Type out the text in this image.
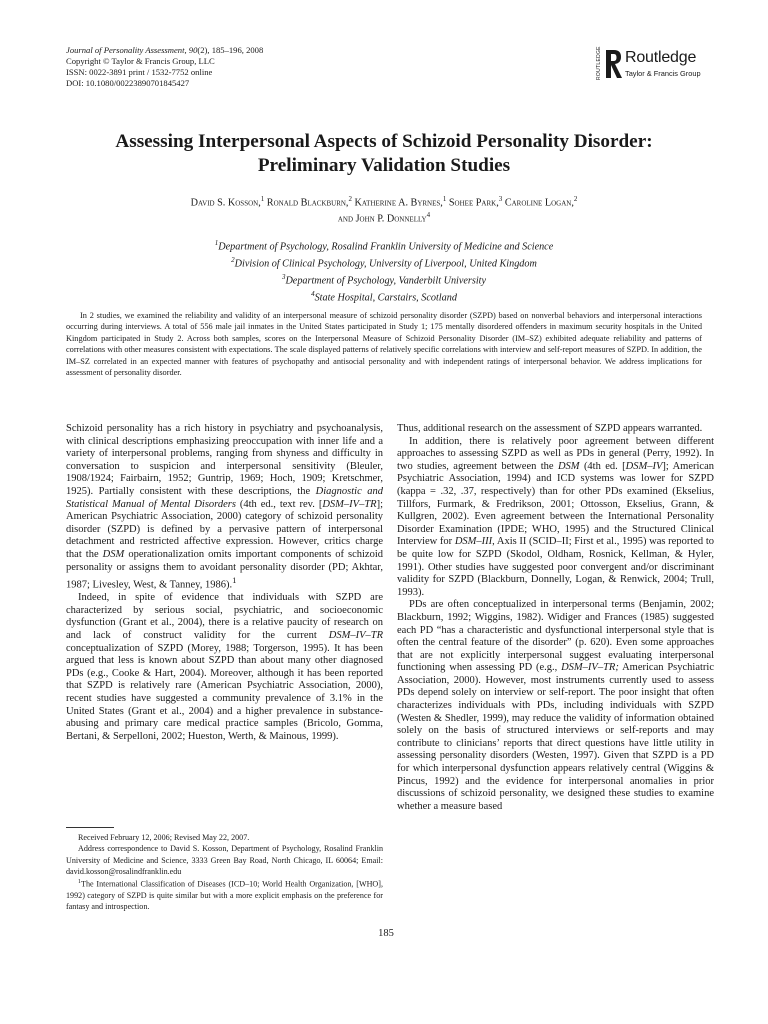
Journal of Personality Assessment, 90(2), 185–196, 2008
Copyright © Taylor & Francis Group, LLC
ISSN: 0022-3891 print / 1532-7752 online
DOI: 10.1080/00223890701845427
ROUTLEDGE Routledge
Taylor & Francis Group
Assessing Interpersonal Aspects of Schizoid Personality Disorder:
Preliminary Validation Studies
David S. Kosson,$^1$ Ronald Blackburn,$^2$ Katherine A. Byrnes,$^1$ Sohee Park,$^3$ Caroline Logan,$^2$
and John P. Donnelly$^4$
$^1$Department of Psychology, Rosalind Franklin University of Medicine and Science
$^2$Division of Clinical Psychology, University of Liverpool, United Kingdom
$^3$Department of Psychology, Vanderbilt University
$^4$State Hospital, Carstairs, Scotland
In 2 studies, we examined the reliability and validity of an interpersonal measure of schizoid personality disorder (SZPD) based on nonverbal behaviors and interpersonal interactions occurring during interviews. A total of 556 male jail inmates in the United States participated in Study 1; 175 mentally disordered offenders in maximum security hospitals in the United Kingdom participated in Study 2. Across both samples, scores on the Interpersonal Measure of Schizoid Personality Disorder (IM–SZ) exhibited adequate reliability and patterns of correlations with other measures consistent with expectations. The scale displayed patterns of relatively specific correlations with interview and self-report measures of SZPD. In addition, the IM–SZ correlated in an expected manner with features of psychopathy and antisocial personality and with independent ratings of interpersonal behavior. We address implications for assessment of personality disorder.

Schizoid personality has a rich history in psychiatry and psychoanalysis, with clinical descriptions emphasizing preoccupation with inner life and a variety of interpersonal problems, ranging from shyness and difficulty in conversation to suspicion and interpersonal sensitivity (Bleuler, 1908/1924; Fairbairn, 1952; Guntrip, 1969; Hoch, 1909; Kretschmer, 1925). Partially consistent with these descriptions, the Diagnostic and Statistical Manual of Mental Disorders (4th ed., text rev. [DSM–IV–TR]; American Psychiatric Association, 2000) category of schizoid personality disorder (SZPD) is defined by a pervasive pattern of interpersonal detachment and restricted affective expression. However, critics charge that the DSM operationalization omits important components of schizoid personality or assigns them to avoidant personality disorder (PD; Akhtar, 1987; Livesley, West, & Tanney, 1986).$^1$

Indeed, in spite of evidence that individuals with SZPD are characterized by serious social, psychiatric, and socioeconomic dysfunction (Grant et al., 2004), there is a relative paucity of research on and lack of construct validity for the current DSM–IV–TR conceptualization of SZPD (Morey, 1988; Torgerson, 1995). It has been argued that less is known about SZPD than about many other diagnosed PDs (e.g., Cooke & Hart, 2004). Moreover, although it has been reported that SZPD is relatively rare (American Psychiatric Association, 2000), recent studies have suggested a community prevalence of 3.1% in the United States (Grant et al., 2004) and a higher prevalence in substance-abusing and primary care medical practice samples (Bricolo, Gomma, Bertani, & Serpelloni, 2002; Hueston, Werth, & Mainous, 1999).

Received February 12, 2006; Revised May 22, 2007.

Address correspondence to David S. Kosson, Department of Psychology, Rosalind Franklin University of Medicine and Science, 3333 Green Bay Road, North Chicago, IL 60064; Email: david.kosson@rosalindfranklin.edu

$^1$The International Classification of Diseases (ICD–10; World Health Organization, [WHO], 1992) category of SZPD is quite similar but with a more explicit emphasis on the preference for fantasy and introspection.

Thus, additional research on the assessment of SZPD appears warranted.

In addition, there is relatively poor agreement between different approaches to assessing SZPD as well as PDs in general (Perry, 1992). In two studies, agreement between the DSM (4th ed. [DSM–IV]; American Psychiatric Association, 1994) and ICD systems was lower for SZPD (kappa = .32, .37, respectively) than for other PDs examined (Ekselius, Tillfors, Furmark, & Fredrikson, 2001; Ottosson, Ekselius, Grann, & Kullgren, 2002). Even agreement between the International Personality Disorder Examination (IPDE; WHO, 1995) and the Structured Clinical Interview for DSM–III, Axis II (SCID–II; First et al., 1995) was reported to be quite low for SZPD (Skodol, Oldham, Rosnick, Kellman, & Hyler, 1991). Other studies have suggested poor convergent and/or discriminant validity for SZPD (Blackburn, Donnelly, Logan, & Renwick, 2004; Trull, 1993).

PDs are often conceptualized in interpersonal terms (Benjamin, 2002; Blackburn, 1992; Wiggins, 1982). Widiger and Frances (1985) suggested each PD “has a characteristic and dysfunctional interpersonal style that is often the central feature of the disorder” (p. 620). Even some approaches that are not explicitly interpersonal suggest evaluating interpersonal functioning when assessing PD (e.g., DSM–IV–TR; American Psychiatric Association, 2000). However, most instruments currently used to assess PDs depend solely on interview or self-report. The poor insight that often characterizes individuals with PDs, including individuals with SZPD (Westen & Shedler, 1999), may reduce the validity of information obtained solely on the basis of structured interviews or self-reports and may contribute to clinicians’ reports that direct questions have little utility in assessing personality disorders (Westen, 1997). Given that SZPD is a PD for which interpersonal dysfunction appears relatively central (Wiggins & Pincus, 1992) and the evidence for interpersonal anomalies in prior discussions of schizoid personality, we designed these studies to examine whether a measure based

185
